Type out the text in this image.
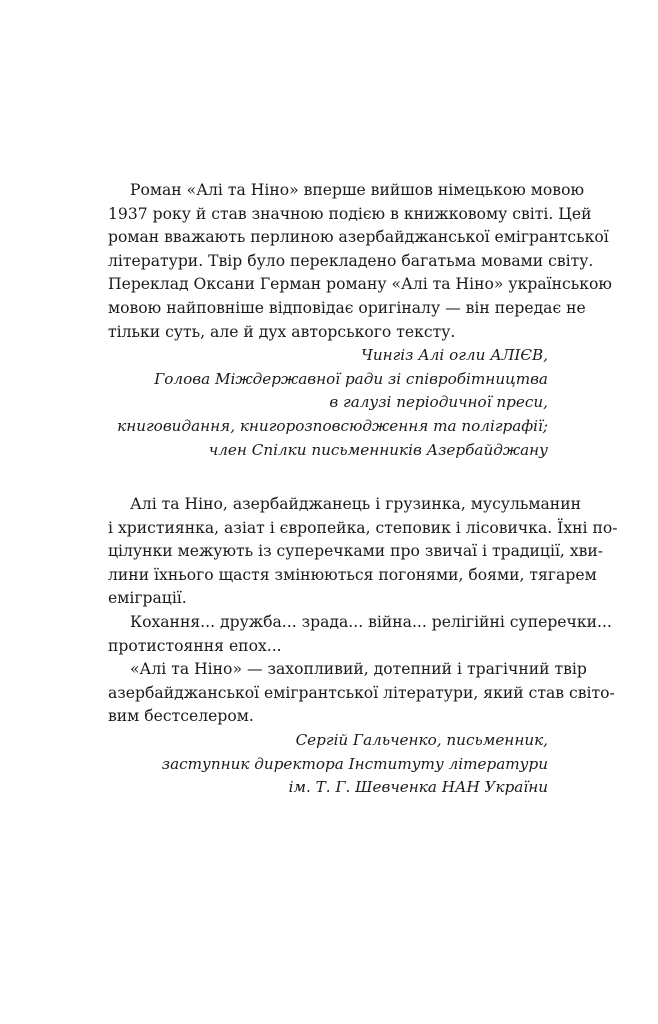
Роман «Алі та Ніно» вперше вийшов німецькою мовою
1937 року й став значною подією в книжковому світі. Цей
роман вважають перлиною азербайджанської емігрантської
літератури. Твір було перекладено багатьма мовами світу.
Переклад Оксани Герман роману «Алі та Ніно» українською
мовою найповніше відповідає оригіналу — він передає не
тільки суть, але й дух авторського тексту.

Чингіз Алі огли АЛІЄВ,
Голова Міждержавної ради зі співробітництва
в галузі періодичної преси,
книговидання, книгорозповсюдження та поліграфії;
член Спілки письменників Азербайджану

Алі та Ніно, азербайджанець і грузинка, мусульманин
і християнка, азіат і європейка, степовик і лісовичка. Їхні по-
цілунки межують із суперечками про звичаї і традиції, хви-
лини їхнього щастя змінюються погонями, боями, тягарем
еміграції.

Кохання... дружба... зрада... війна... релігійні суперечки...
протистояння епох...

«Алі та Ніно» — захопливий, дотепний і трагічний твір
азербайджанської емігрантської літератури, який став світо-
вим бестселером.

Сергій Гальченко, письменник,
заступник директора Інституту літератури
ім. Т. Г. Шевченка НАН України
